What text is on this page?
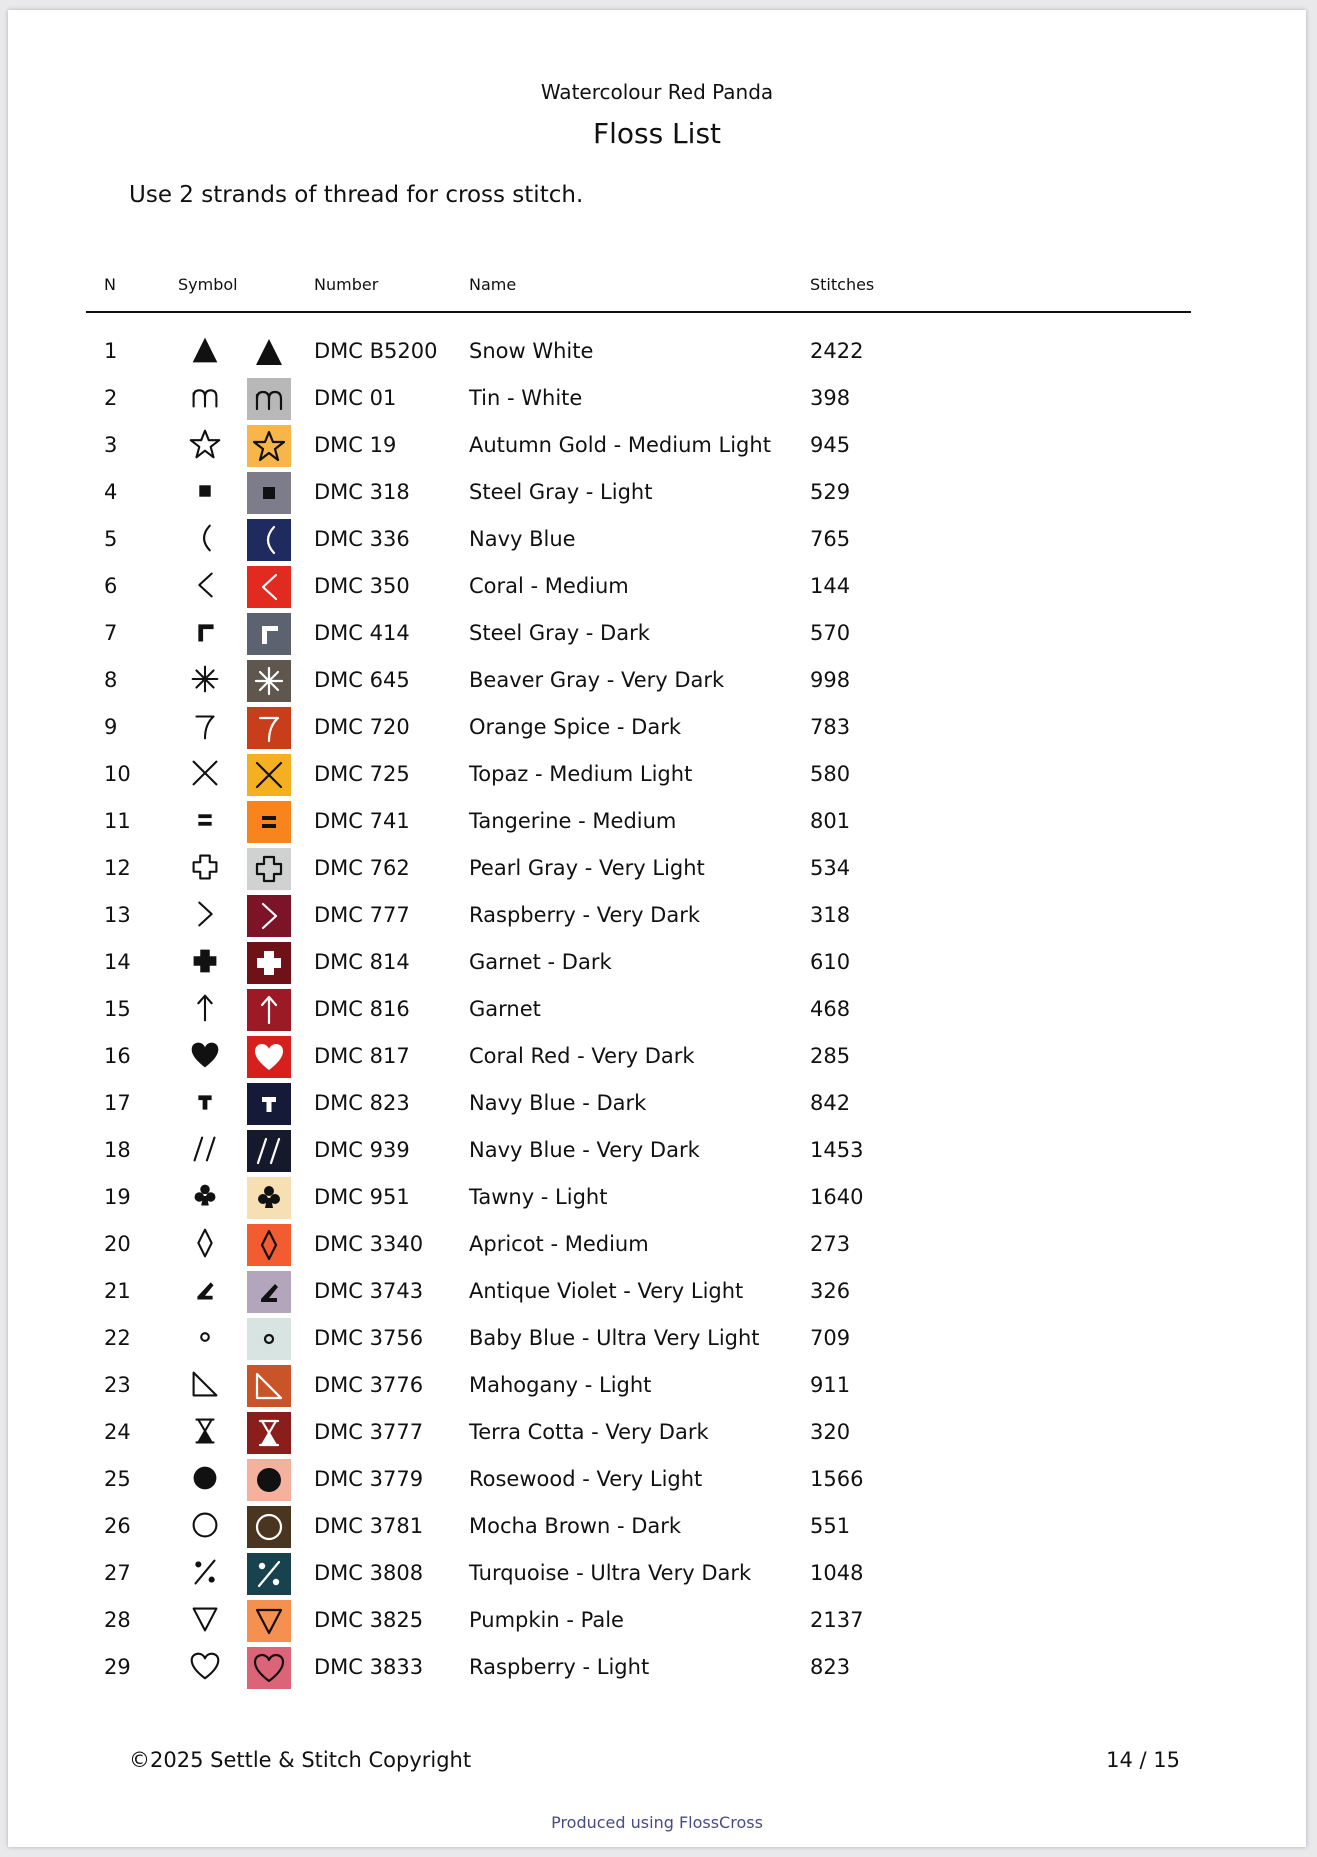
Watercolour Red Panda
Floss List
Use 2 strands of thread for cross stitch.
N	Symbol	Number	Name	Stitches
1	DMC B5200 Snow White	2422
2	DMC 01	Tin - White	398
3	DMC 19	Autumn Gold - Medium Light 945
4	DMC 318	Steel Gray - Light	529
5	DMC 336	Navy Blue	765
6	DMC 350	Coral - Medium	144
7	DMC 414	Steel Gray - Dark	570
8	DMC 645	Beaver Gray - Very Dark	998
9	DMC 720	Orange Spice - Dark	783
10	DMC 725	Topaz - Medium Light	580
11	DMC 741	Tangerine - Medium	801
12	DMC 762	Pearl Gray - Very Light	534
13	DMC 777	Raspberry - Very Dark	318
14	DMC 814	Garnet - Dark	610
15	DMC 816	Garnet	468
16	DMC 817	Coral Red - Very Dark	285
17	DMC 823	Navy Blue - Dark	842
18	DMC 939	Navy Blue - Very Dark	1453
19	DMC 951	Tawny - Light	1640
20	DMC 3340 Apricot - Medium	273
21	DMC 3743 Antique Violet - Very Light	326
22	DMC 3756 Baby Blue - Ultra Very Light 709
23	DMC 3776 Mahogany - Light	911
24	DMC 3777 Terra Cotta - Very Dark	320
25	DMC 3779 Rosewood - Very Light	1566
26	DMC 3781 Mocha Brown - Dark	551
27	DMC 3808 Turquoise - Ultra Very Dark	1048
28	DMC 3825 Pumpkin - Pale	2137
29	DMC 3833 Raspberry - Light	823
©2025 Settle & Stitch Copyright	14 / 15
Produced using FlossCross
